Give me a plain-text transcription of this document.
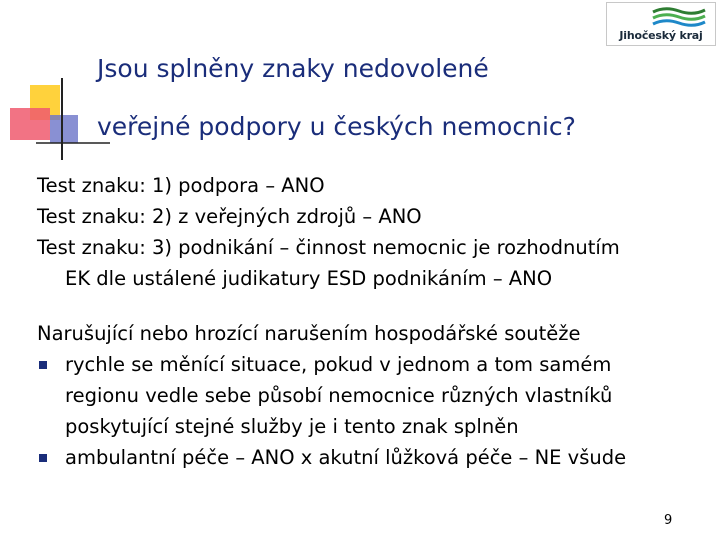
Jihočeský kraj
Jsou splněny znaky nedovolené
veřejné podpory u českých nemocnic?

Test znaku: 1) podpora – ANO

Test znaku: 2) z veřejných zdrojů – ANO

Test znaku: 3) podnikání – činnost nemocnic je rozhodnutím

EK dle ustálené judikatury ESD podnikáním – ANO

Narušující nebo hrozící narušením hospodářské soutěže

rychle se měnící situace, pokud v jednom a tom samém

regionu vedle sebe působí nemocnice různých vlastníků

poskytující stejné služby je i tento znak splněn

ambulantní péče – ANO x akutní lůžková péče – NE všude

9
